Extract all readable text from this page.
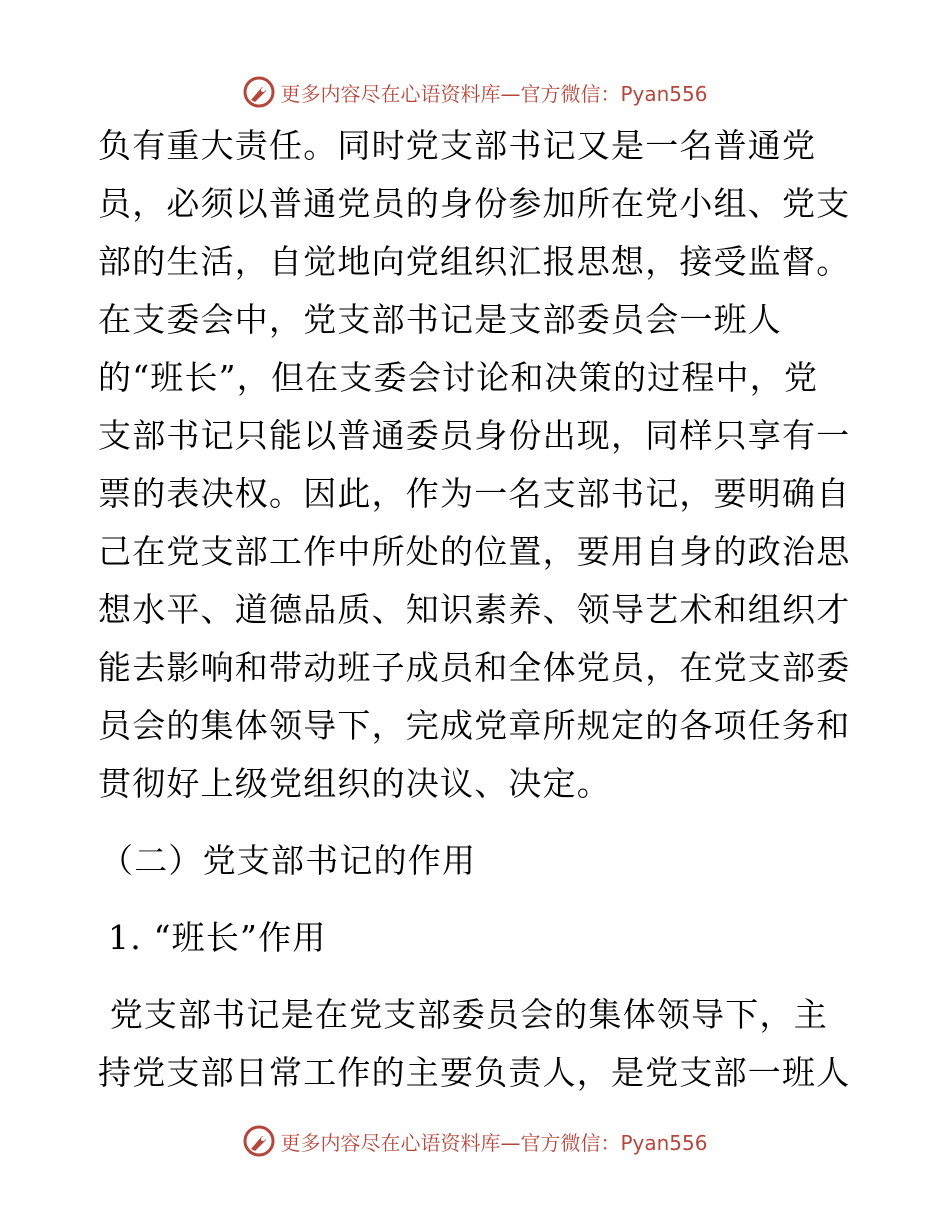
更多内容尽在心语资料库—官方微信：Pyan556
负有重大责任。同时党支部书记又是一名普通党
员，必须以普通党员的身份参加所在党小组、党支
部的生活，自觉地向党组织汇报思想，接受监督。
在支委会中，党支部书记是支部委员会一班人
的“班长”，但在支委会讨论和决策的过程中，党
支部书记只能以普通委员身份出现，同样只享有一
票的表决权。因此，作为一名支部书记，要明确自
己在党支部工作中所处的位置，要用自身的政治思
想水平、道德品质、知识素养、领导艺术和组织才
能去影响和带动班子成员和全体党员，在党支部委
员会的集体领导下，完成党章所规定的各项任务和
贯彻好上级党组织的决议、决定。
（二）党支部书记的作用
1. “班长”作用
党支部书记是在党支部委员会的集体领导下，主
持党支部日常工作的主要负责人，是党支部一班人
更多内容尽在心语资料库—官方微信：Pyan556
